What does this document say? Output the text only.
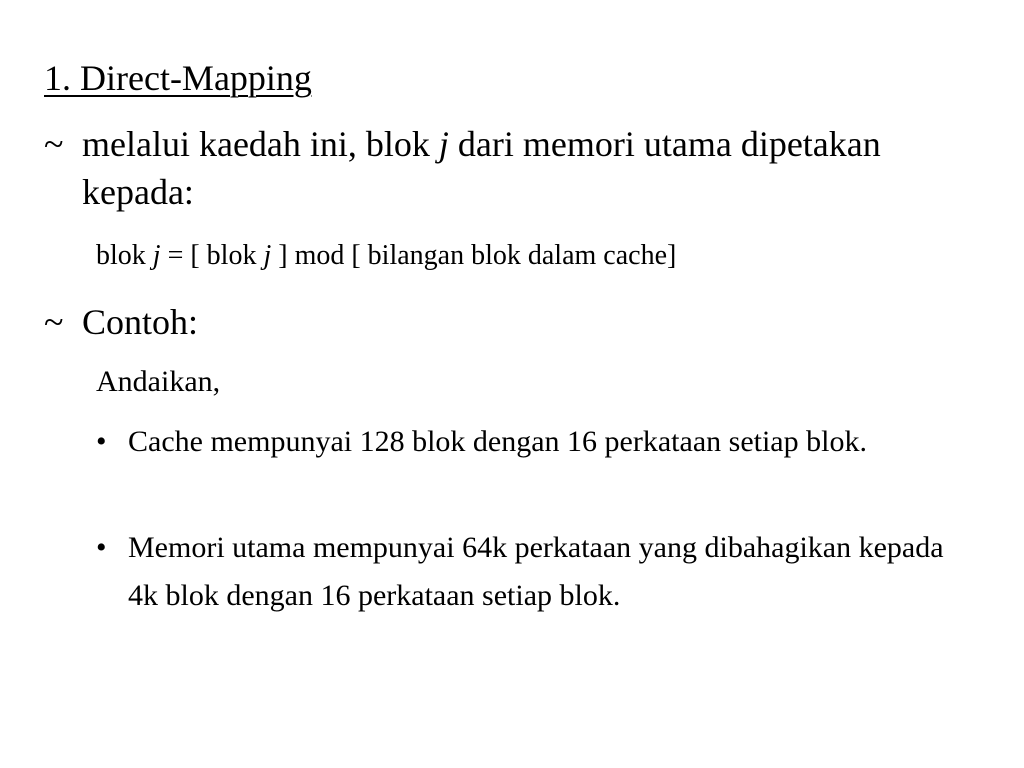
1. Direct-Mapping
~ melalui kaedah ini, blok j dari memori utama dipetakan kepada:
blok j = [ blok j ] mod [ bilangan blok dalam cache]
~ Contoh:
Andaikan,
• Cache mempunyai 128 blok dengan 16 perkataan setiap blok.
• Memori utama mempunyai 64k perkataan yang dibahagikan kepada 4k blok dengan 16 perkataan setiap blok.
